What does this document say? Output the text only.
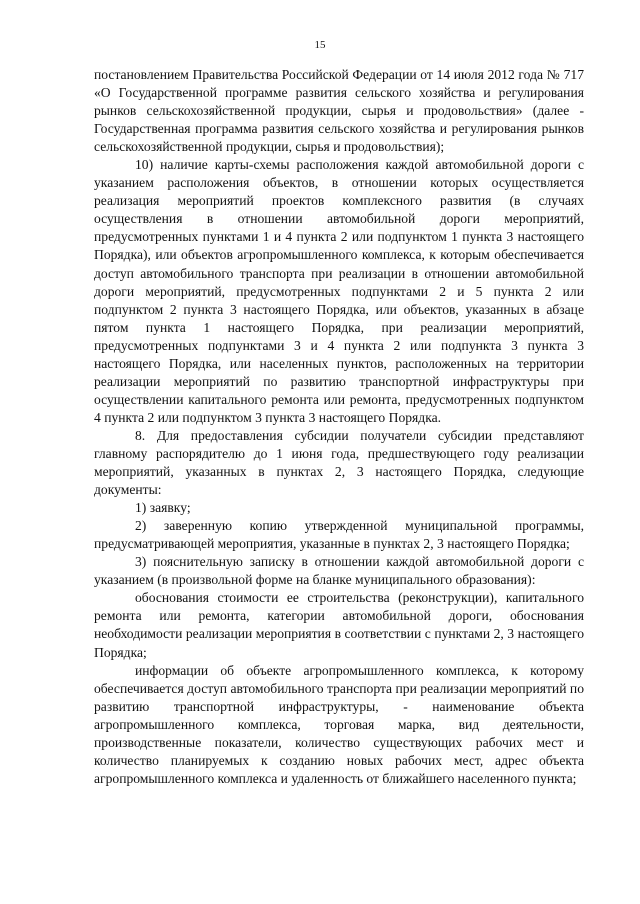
15

постановлением Правительства Российской Федерации от 14 июля 2012 года № 717 «О Государственной программе развития сельского хозяйства и регулирования рынков сельскохозяйственной продукции, сырья и продовольствия» (далее - Государственная программа развития сельского хозяйства и регулирования рынков сельскохозяйственной продукции, сырья и продовольствия);

10) наличие карты-схемы расположения каждой автомобильной дороги с указанием расположения объектов, в отношении которых осуществляется реализация мероприятий проектов комплексного развития (в случаях осуществления в отношении автомобильной дороги мероприятий, предусмотренных пунктами 1 и 4 пункта 2 или подпунктом 1 пункта 3 настоящего Порядка), или объектов агропромышленного комплекса, к которым обеспечивается доступ автомобильного транспорта при реализации в отношении автомобильной дороги мероприятий, предусмотренных подпунктами 2 и 5 пункта 2 или подпунктом 2 пункта 3 настоящего Порядка, или объектов, указанных в абзаце пятом пункта 1 настоящего Порядка, при реализации мероприятий, предусмотренных подпунктами 3 и 4 пункта 2 или подпункта 3 пункта 3 настоящего Порядка, или населенных пунктов, расположенных на территории реализации мероприятий по развитию транспортной инфраструктуры при осуществлении капитального ремонта или ремонта, предусмотренных подпунктом 4 пункта 2 или подпунктом 3 пункта 3 настоящего Порядка.

8. Для предоставления субсидии получатели субсидии представляют главному распорядителю до 1 июня года, предшествующего году реализации мероприятий, указанных в пунктах 2, 3 настоящего Порядка, следующие документы:

1) заявку;

2) заверенную копию утвержденной муниципальной программы, предусматривающей мероприятия, указанные в пунктах 2, 3 настоящего Порядка;

3) пояснительную записку в отношении каждой автомобильной дороги с указанием (в произвольной форме на бланке муниципального образования):

обоснования стоимости ее строительства (реконструкции), капитального ремонта или ремонта, категории автомобильной дороги, обоснования необходимости реализации мероприятия в соответствии с пунктами 2, 3 настоящего Порядка;

информации об объекте агропромышленного комплекса, к которому обеспечивается доступ автомобильного транспорта при реализации мероприятий по развитию транспортной инфраструктуры, - наименование объекта агропромышленного комплекса, торговая марка, вид деятельности, производственные показатели, количество существующих рабочих мест и количество планируемых к созданию новых рабочих мест, адрес объекта агропромышленного комплекса и удаленность от ближайшего населенного пункта;
